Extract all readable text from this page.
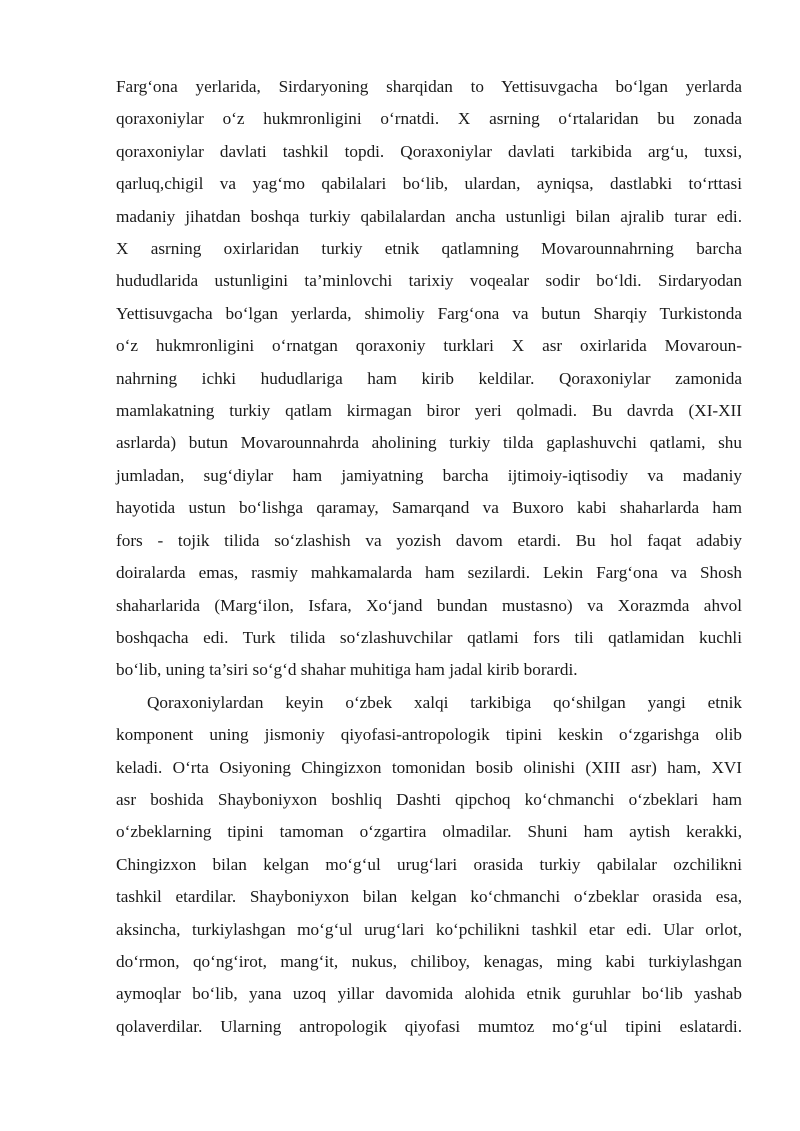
Farg‘ona yerlarida, Sirdaryoning sharqidan to Yettisuvgacha bo‘lgan yerlarda

qoraxoniylar o‘z hukmronligini o‘rnatdi. X asrning o‘rtalaridan bu zonada

qoraxoniylar davlati tashkil topdi. Qoraxoniylar davlati tarkibida arg‘u, tuxsi,

qarluq,chigil va yag‘mo qabilalari bo‘lib, ulardan, ayniqsa, dastlabki to‘rttasi

madaniy jihatdan boshqa turkiy qabilalardan ancha ustunligi bilan ajralib turar edi.

X asrning oxirlaridan turkiy etnik qatlamning Movarounnahrning barcha

hududlarida ustunligini ta’minlovchi tarixiy voqealar sodir bo‘ldi. Sirdaryodan

Yettisuvgacha bo‘lgan yerlarda, shimoliy Farg‘ona va butun Sharqiy Turkistonda

o‘z hukmronligini o‘rnatgan qoraxoniy turklari X asr oxirlarida Movaroun-

nahrning ichki hududlariga ham kirib keldilar. Qoraxoniylar zamonida

mamlakatning turkiy qatlam kirmagan biror yeri qolmadi. Bu davrda (XI-XII

asrlarda) butun Movarounnahrda aholining turkiy tilda gaplashuvchi qatlami, shu

jumladan, sug‘diylar ham jamiyatning barcha ijtimoiy-iqtisodiy va madaniy

hayotida ustun bo‘lishga qaramay, Samarqand va Buxoro kabi shaharlarda ham

fors - tojik tilida so‘zlashish va yozish davom etardi. Bu hol faqat adabiy

doiralarda emas, rasmiy mahkamalarda ham sezilardi. Lekin Farg‘ona va Shosh

shaharlarida (Marg‘ilon, Isfara, Xo‘jand bundan mustasno) va Xorazmda ahvol

boshqacha edi. Turk tilida so‘zlashuvchilar qatlami fors tili qatlamidan kuchli

bo‘lib, uning ta’siri so‘g‘d shahar muhitiga ham jadal kirib borardi.

Qoraxoniylardan keyin o‘zbek xalqi tarkibiga qo‘shilgan yangi etnik

komponent uning jismoniy qiyofasi-antropologik tipini keskin o‘zgarishga olib

keladi. O‘rta Osiyoning Chingizxon tomonidan bosib olinishi (XIII asr) ham, XVI

asr boshida Shayboniyxon boshliq Dashti qipchoq ko‘chmanchi o‘zbeklari ham

o‘zbeklarning tipini tamoman o‘zgartira olmadilar. Shuni ham aytish kerakki,

Chingizxon bilan kelgan mo‘g‘ul urug‘lari orasida turkiy qabilalar ozchilikni

tashkil etardilar. Shayboniyxon bilan kelgan ko‘chmanchi o‘zbeklar orasida esa,

aksincha, turkiylashgan mo‘g‘ul urug‘lari ko‘pchilikni tashkil etar edi. Ular orlot,

do‘rmon, qo‘ng‘irot, mang‘it, nukus, chiliboy, kenagas, ming kabi turkiylashgan

aymoqlar bo‘lib, yana uzoq yillar davomida alohida etnik guruhlar bo‘lib yashab

qolaverdilar. Ularning antropologik qiyofasi mumtoz mo‘g‘ul tipini eslatardi.
